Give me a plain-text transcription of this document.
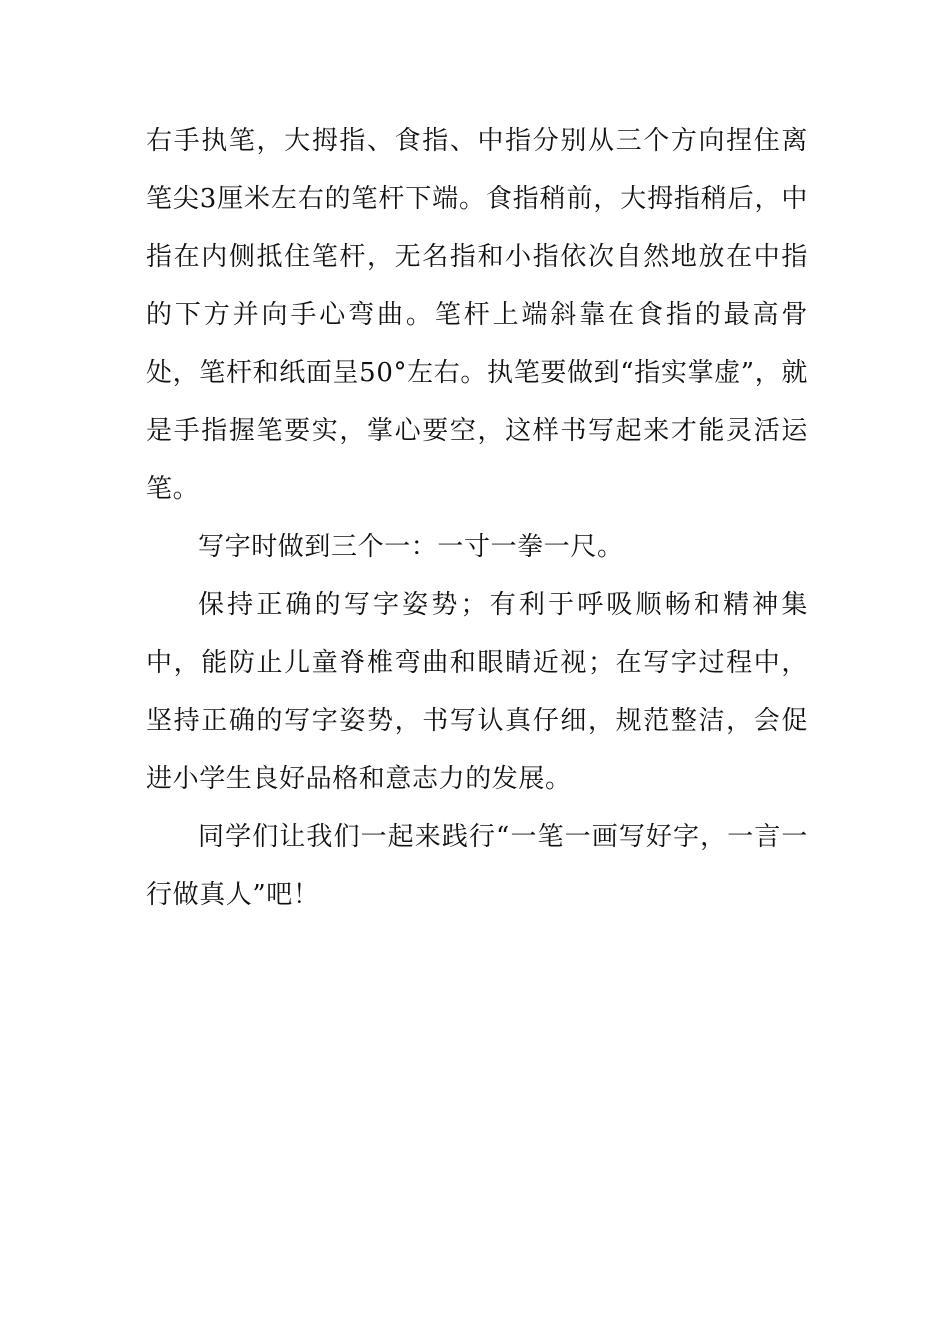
右手执笔，大拇指、食指、中指分别从三个方向捏住离笔尖3厘米左右的笔杆下端。食指稍前，大拇指稍后，中指在内侧抵住笔杆，无名指和小指依次自然地放在中指的下方并向手心弯曲。笔杆上端斜靠在食指的最高骨处，笔杆和纸面呈50°左右。执笔要做到“指实掌虚”，就是手指握笔要实，掌心要空，这样书写起来才能灵活运笔。

写字时做到三个一：一寸一拳一尺。

保持正确的写字姿势；有利于呼吸顺畅和精神集中，能防止儿童脊椎弯曲和眼睛近视；在写字过程中，坚持正确的写字姿势，书写认真仔细，规范整洁，会促进小学生良好品格和意志力的发展。

同学们让我们一起来践行“一笔一画写好字，一言一行做真人”吧！
